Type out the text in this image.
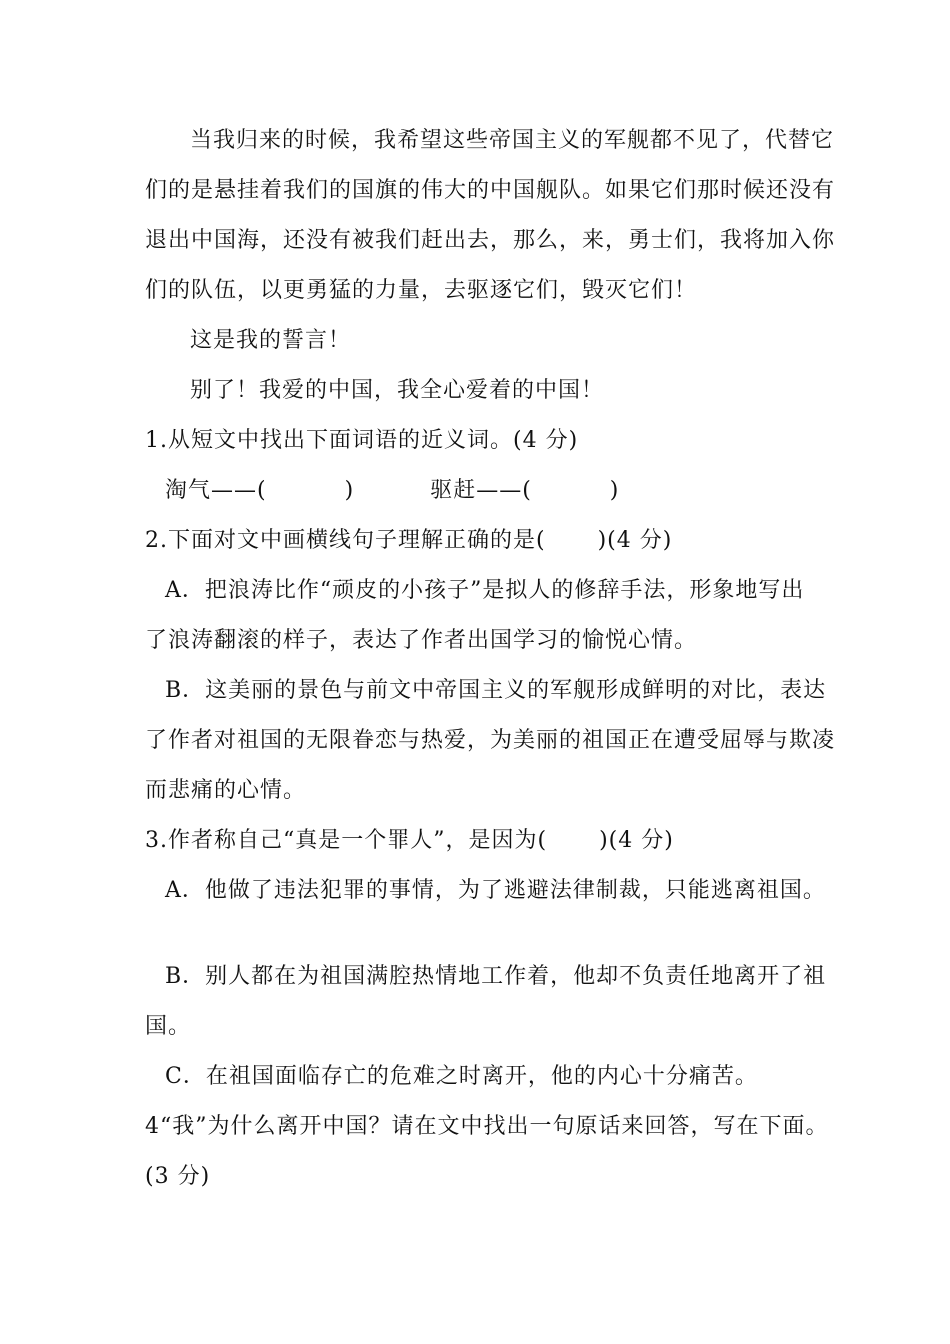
当我归来的时候，我希望这些帝国主义的军舰都不见了，代替它
们的是悬挂着我们的国旗的伟大的中国舰队。如果它们那时候还没有
退出中国海，还没有被我们赶出去，那么，来，勇士们，我将加入你
们的队伍，以更勇猛的力量，去驱逐它们，毁灭它们！
这是我的誓言！
别了！我爱的中国，我全心爱着的中国！
1.从短文中找出下面词语的近义词。(4 分)
淘气——(	)	驱赶——(	)
2.下面对文中画横线句子理解正确的是( )(4 分)
A．把浪涛比作“顽皮的小孩子”是拟人的修辞手法，形象地写出
了浪涛翻滚的样子，表达了作者出国学习的愉悦心情。
B．这美丽的景色与前文中帝国主义的军舰形成鲜明的对比，表达
了作者对祖国的无限眷恋与热爱，为美丽的祖国正在遭受屈辱与欺凌
而悲痛的心情。
3.作者称自己“真是一个罪人”，是因为( )(4 分)
A．他做了违法犯罪的事情，为了逃避法律制裁，只能逃离祖国。
B．别人都在为祖国满腔热情地工作着，他却不负责任地离开了祖
国。
C．在祖国面临存亡的危难之时离开，他的内心十分痛苦。
4“我”为什么离开中国？请在文中找出一句原话来回答，写在下面。
(3 分)
